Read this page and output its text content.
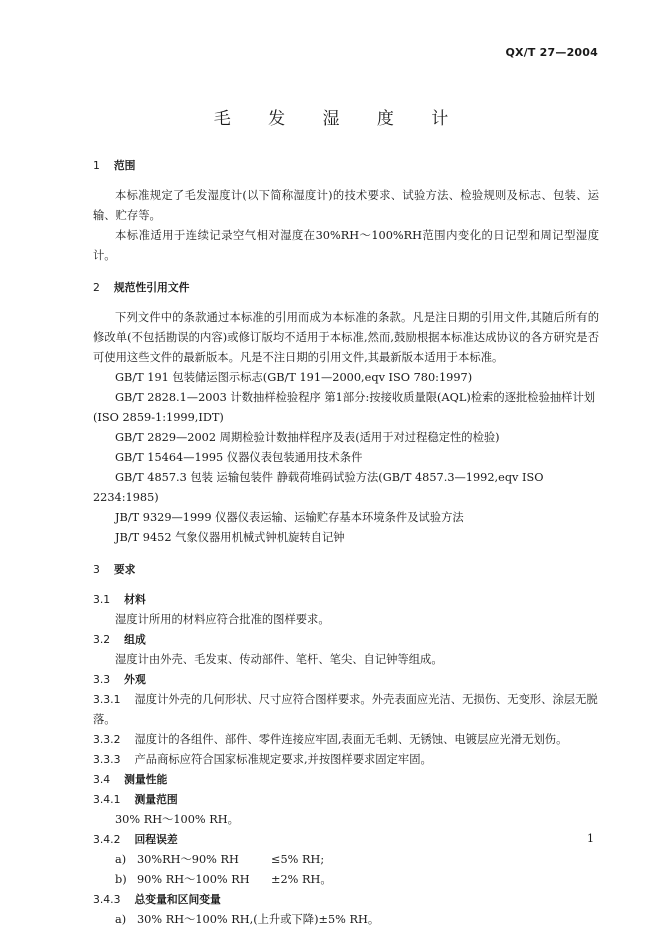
QX/T 27—2004
毛 发 湿 度 计

1 范围

本标准规定了毛发湿度计(以下简称湿度计)的技术要求、试验方法、检验规则及标志、包装、运输、贮存等。

本标准适用于连续记录空气相对湿度在30%RH～100%RH范围内变化的日记型和周记型湿度计。

2 规范性引用文件

下列文件中的条款通过本标准的引用而成为本标准的条款。凡是注日期的引用文件,其随后所有的修改单(不包括勘误的内容)或修订版均不适用于本标准,然而,鼓励根据本标准达成协议的各方研究是否可使用这些文件的最新版本。凡是不注日期的引用文件,其最新版本适用于本标准。

GB/T 191 包装储运图示标志(GB/T 191—2000,eqv ISO 780:1997)

GB/T 2828.1—2003 计数抽样检验程序 第1部分:按接收质量限(AQL)检索的逐批检验抽样计划(ISO 2859-1:1999,IDT)

GB/T 2829—2002 周期检验计数抽样程序及表(适用于对过程稳定性的检验)

GB/T 15464—1995 仪器仪表包装通用技术条件

GB/T 4857.3 包装 运输包装件 静载荷堆码试验方法(GB/T 4857.3—1992,eqv ISO 2234:1985)

JB/T 9329—1999 仪器仪表运输、运输贮存基本环境条件及试验方法

JB/T 9452 气象仪器用机械式钟机旋转自记钟

3 要求

3.1 材料

湿度计所用的材料应符合批准的图样要求。

3.2 组成

湿度计由外壳、毛发束、传动部件、笔杆、笔尖、自记钟等组成。

3.3 外观

3.3.1 湿度计外壳的几何形状、尺寸应符合图样要求。外壳表面应光洁、无损伤、无变形、涂层无脱落。

3.3.2 湿度计的各组件、部件、零件连接应牢固,表面无毛刺、无锈蚀、电镀层应光滑无划伤。

3.3.3 产品商标应符合国家标准规定要求,并按图样要求固定牢固。

3.4 测量性能

3.4.1 测量范围

30% RH～100% RH。

3.4.2 回程误差

a) 30%RH～90% RH	≤5% RH;

b) 90% RH～100% RH ±2% RH。

3.4.3 总变量和区间变量

a) 30% RH～100% RH,(上升或下降)±5% RH。

1
